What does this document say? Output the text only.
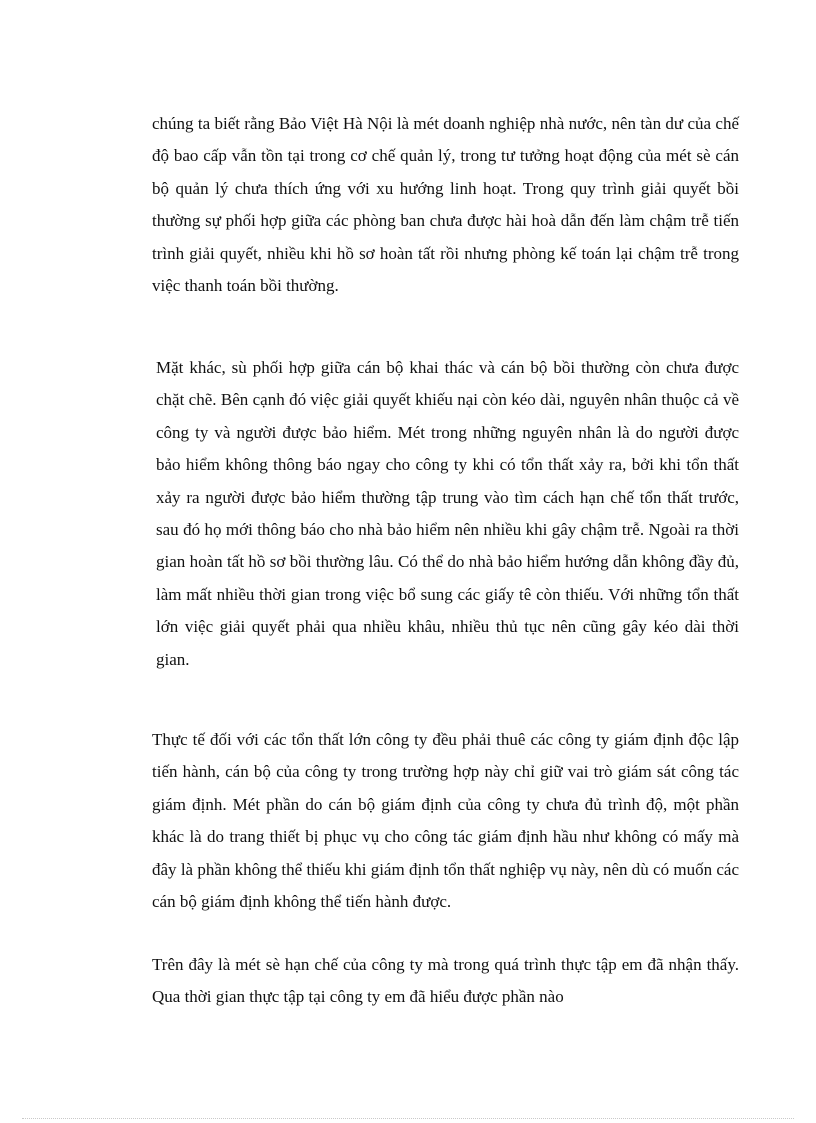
chúng ta biết rằng Bảo Việt Hà Nội là mét doanh nghiệp nhà nước, nên tàn dư của chế độ bao cấp vẫn tồn tại trong cơ chế quản lý, trong tư tưởng hoạt động của mét sè cán bộ quản lý chưa thích ứng với xu hướng linh hoạt. Trong quy trình giải quyết bồi thường sự phối hợp giữa các phòng ban chưa được hài hoà dẫn đến làm chậm trễ tiến trình giải quyết, nhiều khi hồ sơ hoàn tất rồi nhưng phòng kế toán lại chậm trễ trong việc thanh toán bồi thường.

Mặt khác, sù phối hợp giữa cán bộ khai thác và cán bộ bồi thường còn chưa được chặt chẽ. Bên cạnh đó việc giải quyết khiếu nại còn kéo dài, nguyên nhân thuộc cả về công ty và người được bảo hiểm. Mét trong những nguyên nhân là do người được bảo hiểm không thông báo ngay cho công ty khi có tổn thất xảy ra, bởi khi tổn thất xảy ra người được bảo hiểm thường tập trung vào tìm cách hạn chế tổn thất trước, sau đó họ mới thông báo cho nhà bảo hiểm nên nhiều khi gây chậm trễ. Ngoài ra thời gian hoàn tất hồ sơ bồi thường lâu. Có thể do nhà bảo hiểm hướng dẫn không đầy đủ, làm mất nhiều thời gian trong việc bổ sung các giấy tê còn thiếu. Với những tổn thất lớn việc giải quyết phải qua nhiều khâu, nhiều thủ tục nên cũng gây kéo dài thời gian.

Thực tế đối với các tổn thất lớn công ty đều phải thuê các công ty giám định độc lập tiến hành, cán bộ của công ty trong trường hợp này chỉ giữ vai trò giám sát công tác giám định. Mét phần do cán bộ giám định của công ty chưa đủ trình độ, một phần khác là do trang thiết bị phục vụ cho công tác giám định hầu như không có mấy mà đây là phần không thể thiếu khi giám định tổn thất nghiệp vụ này, nên dù có muốn các cán bộ giám định không thể tiến hành được.

Trên đây là mét sè hạn chế của công ty mà trong quá trình thực tập em đã nhận thấy. Qua thời gian thực tập tại công ty em đã hiểu được phần nào
